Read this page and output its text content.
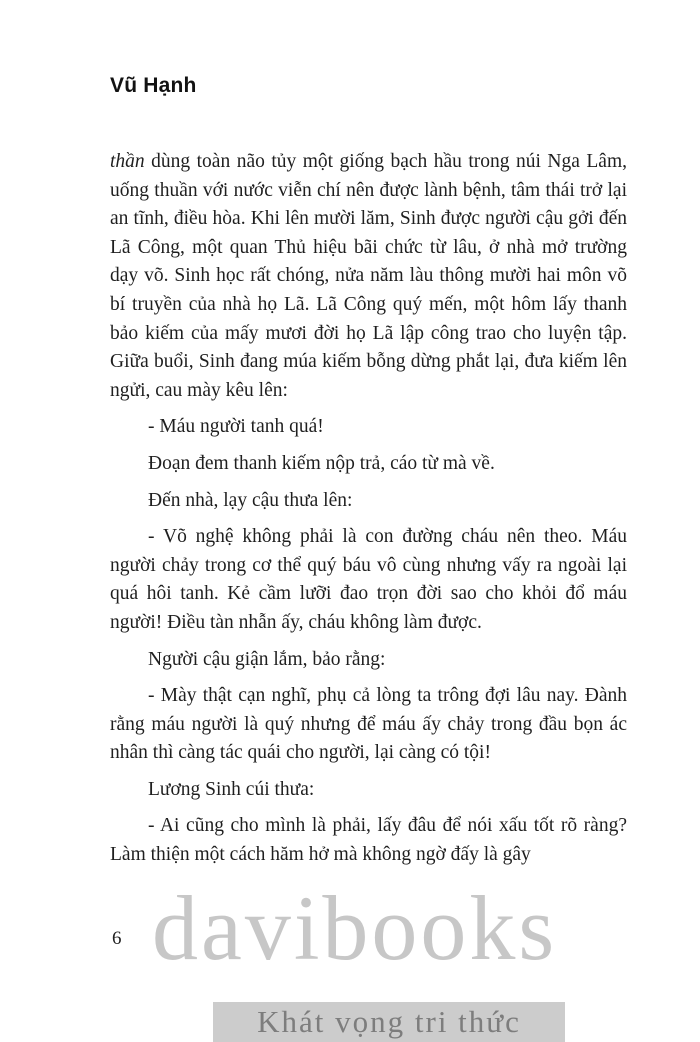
Vũ Hạnh

thần dùng toàn não tủy một giống bạch hầu trong núi Nga Lâm, uống thuần với nước viễn chí nên được lành bệnh, tâm thái trở lại an tĩnh, điều hòa. Khi lên mười lăm, Sinh được người cậu gởi đến Lã Công, một quan Thủ hiệu bãi chức từ lâu, ở nhà mở trường dạy võ. Sinh học rất chóng, nửa năm làu thông mười hai môn võ bí truyền của nhà họ Lã. Lã Công quý mến, một hôm lấy thanh bảo kiếm của mấy mươi đời họ Lã lập công trao cho luyện tập. Giữa buổi, Sinh đang múa kiếm bỗng dừng phắt lại, đưa kiếm lên ngửi, cau mày kêu lên:

- Máu người tanh quá!

Đoạn đem thanh kiếm nộp trả, cáo từ mà về.

Đến nhà, lạy cậu thưa lên:

- Võ nghệ không phải là con đường cháu nên theo. Máu người chảy trong cơ thể quý báu vô cùng nhưng vấy ra ngoài lại quá hôi tanh. Kẻ cầm lưỡi đao trọn đời sao cho khỏi đổ máu người! Điều tàn nhẫn ấy, cháu không làm được.

Người cậu giận lắm, bảo rằng:

- Mày thật cạn nghĩ, phụ cả lòng ta trông đợi lâu nay. Đành rằng máu người là quý nhưng để máu ấy chảy trong đầu bọn ác nhân thì càng tác quái cho người, lại càng có tội!

Lương Sinh cúi thưa:

- Ai cũng cho mình là phải, lấy đâu để nói xấu tốt rõ ràng? Làm thiện một cách hăm hở mà không ngờ đấy là gây

6 davibooks
Khát vọng tri thức
